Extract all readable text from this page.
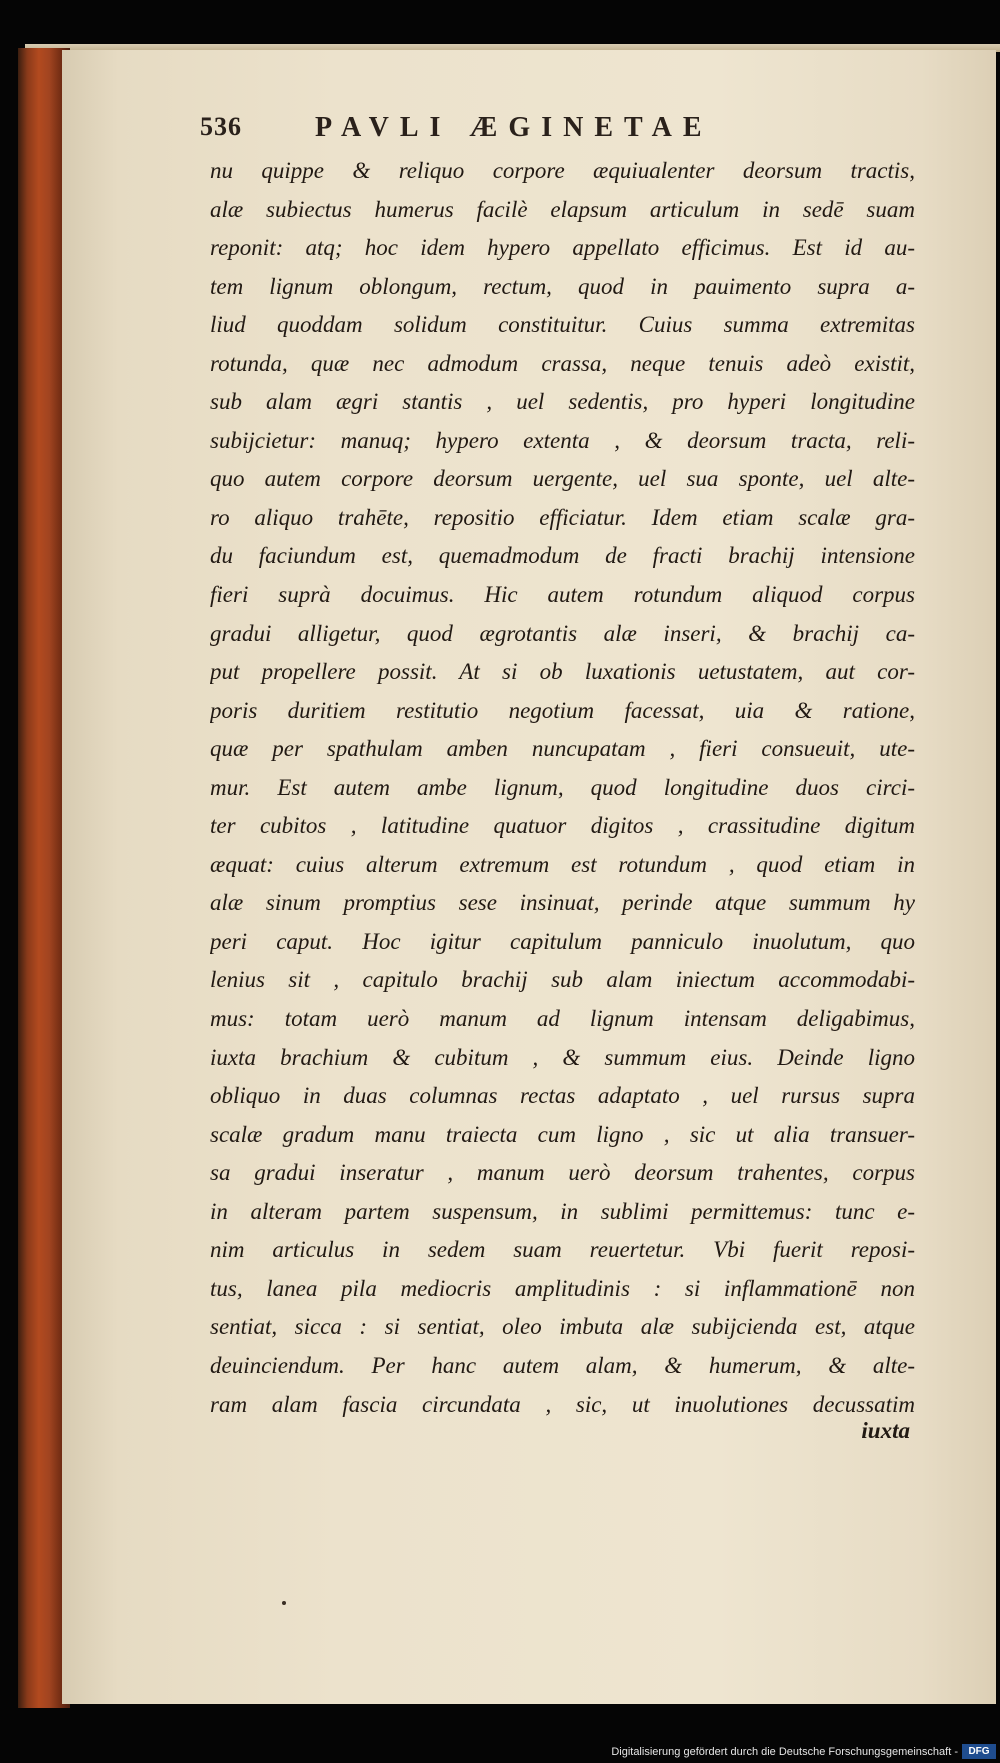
536	PAVLI ÆGINETAE
nu quippe & reliquo corpore æquiualenter deorsum tractis,
alæ subiectus humerus facilè elapsum articulum in sedē suam
reponit: atq; hoc idem hypero appellato efficimus. Est id au-
tem lignum oblongum, rectum, quod in pauimento supra a-
liud quoddam solidum constituitur. Cuius summa extremitas
rotunda, quæ nec admodum crassa, neque tenuis adeò existit,
sub alam ægri stantis , uel sedentis, pro hyperi longitudine
subijcietur: manuq; hypero extenta , & deorsum tracta, reli-
quo autem corpore deorsum uergente, uel sua sponte, uel alte-
ro aliquo trahēte, repositio efficiatur. Idem etiam scalæ gra-
du faciundum est, quemadmodum de fracti brachij intensione
fieri suprà docuimus. Hic autem rotundum aliquod corpus
gradui alligetur, quod ægrotantis alæ inseri, & brachij ca-
put propellere possit. At si ob luxationis uetustatem, aut cor-
poris duritiem restitutio negotium facessat, uia & ratione,
quæ per spathulam amben nuncupatam , fieri consueuit, ute-
mur. Est autem ambe lignum, quod longitudine duos circi-
ter cubitos , latitudine quatuor digitos , crassitudine digitum
æquat: cuius alterum extremum est rotundum , quod etiam in
alæ sinum promptius sese insinuat, perinde atque summum hy
peri caput. Hoc igitur capitulum panniculo inuolutum, quo
lenius sit , capitulo brachij sub alam iniectum accommodabi-
mus: totam uerò manum ad lignum intensam deligabimus,
iuxta brachium & cubitum , & summum eius. Deinde ligno
obliquo in duas columnas rectas adaptato , uel rursus supra
scalæ gradum manu traiecta cum ligno , sic ut alia transuer-
sa gradui inseratur , manum uerò deorsum trahentes, corpus
in alteram partem suspensum, in sublimi permittemus: tunc e-
nim articulus in sedem suam reuertetur. Vbi fuerit reposi-
tus, lanea pila mediocris amplitudinis : si inflammationē non
sentiat, sicca : si sentiat, oleo imbuta alæ subijcienda est, atque
deuinciendum. Per hanc autem alam, & humerum, & alte-
ram alam fascia circundata , sic, ut inuolutiones decussatim
iuxta
Digitalisierung gefördert durch die Deutsche Forschungsgemeinschaft -	DFG
